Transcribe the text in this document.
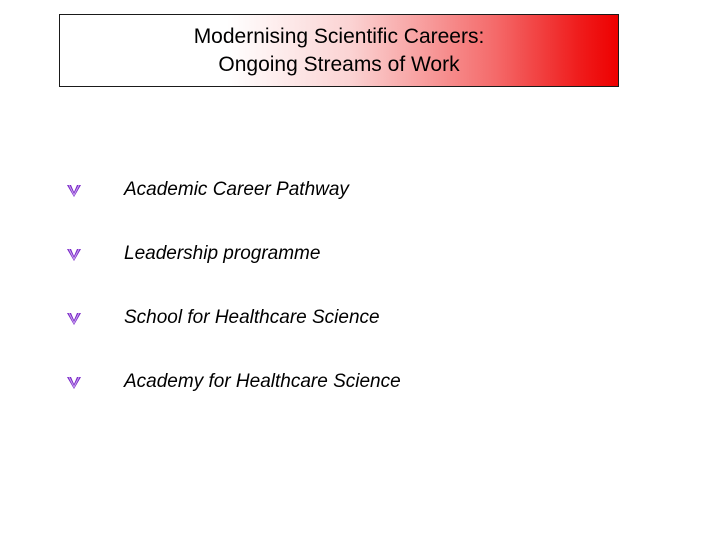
Modernising Scientific Careers:
Ongoing Streams of Work
Academic Career Pathway
Leadership programme
School for Healthcare Science
Academy for Healthcare Science
